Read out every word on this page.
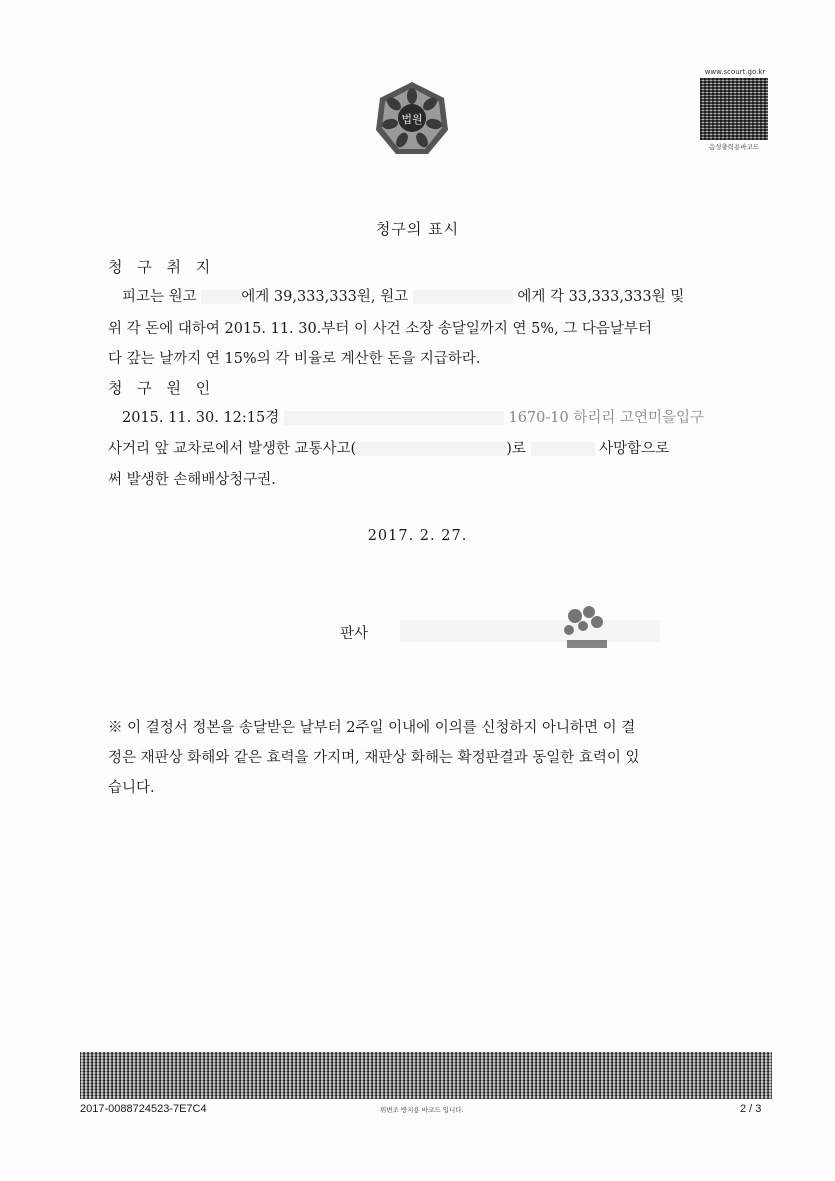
법원
www.scourt.go.kr
음성출력용바코드
청구의 표시
청 구 취 지
피고는 원고	에게 39,333,333원, 원고	에게 각 33,333,333원 및
위 각 돈에 대하여 2015. 11. 30.부터 이 사건 소장 송달일까지 연 5%, 그 다음날부터
다 갚는 날까지 연 15%의 각 비율로 계산한 돈을 지급하라.
청 구 원 인
2015. 11. 30. 12:15경	1670-10 하리리 고연미을입구
사거리 앞 교차로에서 발생한 교통사고(	)로	사망함으로
써 발생한 손해배상청구권.
2017. 2. 27.
판사
※ 이 결정서 정본을 송달받은 날부터 2주일 이내에 이의를 신청하지 아니하면 이 결
정은 재판상 화해와 같은 효력을 가지며, 재판상 화해는 확정판결과 동일한 효력이 있
습니다.
2017-0088724523-7E7C4	위변조 방지용 바코드 입니다.	2 / 3
